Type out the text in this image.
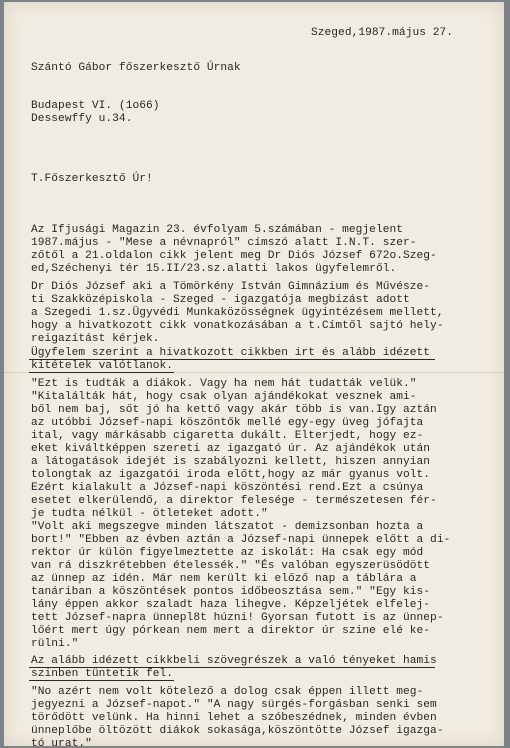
Szeged,1987.május 27.

Szántó Gábor főszerkesztő Úrnak

Budapest VI. (1o66)

Dessewffy u.34.

T.Főszerkesztő Úr!

Az Ifjusági Magazin 23. évfolyam 5.számában - megjelent

1987.május - "Mese a névnapról" címszó alatt I.N.T. szer-

zőtől a 21.oldalon cikk jelent meg Dr Diós József 672o.Szeg-

ed,Széchenyi tér 15.II/23.sz.alatti lakos ügyfelemről.

Dr Diós József aki a Tömörkény István Gimnázium és Művésze-

ti Szakközépiskola - Szeged - igazgatója megbízást adott

a Szegedi 1.sz.Ügyvédi Munkaközösségnek ügyintézésem mellett,

hogy a hivatkozott cikk vonatkozásában a t.Címtől sajtó hely-

reigazítást kérjek.

Ügyfelem szerint a hivatkozott cikkben irt és alább idézett

kitételek valótlanok.

"Ezt is tudták a diákok. Vagy ha nem hát tudatták velük."

"Kitalálták hát, hogy csak olyan ajándékokat vesznek ami-

ből nem baj, sőt jó ha kettő vagy akár több is van.Igy aztán

az utóbbi József-napi köszöntők mellé egy-egy üveg jófajta

ital, vagy márkásabb cigaretta dukált. Elterjedt, hogy ez-

eket kiváltképpen szereti az igazgató úr. Az ajándékok után

a látogatások idejét is szabályozni kellett, hiszen annyian

tolongtak az igazgatói iroda előtt,hogy az már gyanus volt.

Ezért kialakult a József-napi köszöntési rend.Ezt a csúnya

esetet elkerülendő, a direktor felesége - természetesen fér-

je tudta nélkül - ötleteket adott."

"Volt aki megszegve minden látszatot - demizsonban hozta a

bort!" "Ebben az évben aztán a József-napi ünnepek előtt a di-

rektor úr külön figyelmeztette az iskolát: Ha csak egy mód

van rá diszkrétebben ételessék." "És valóban egyszerüsödött

az ünnep az idén. Már nem került ki előző nap a táblára a

tanáriban a köszöntések pontos időbeosztása sem." "Egy kis-

lány éppen akkor szaladt haza lihegve. Képzeljétek elfelej-

tett József-napra ünnepl8t húzni! Gyorsan futott is az ünnep-

lőért mert úgy pórkean nem mert a direktor úr szine elé ke-

rülni."

Az alább idézett cikkbeli szövegrészek a való tényeket hamis

szinben tüntetik fel.

"No azért nem volt kötelező a dolog csak éppen illett meg-

jegyezni a József-napot." "A nagy sürgés-forgásban senki sem

törődött velünk. Ha hinni lehet a szóbeszédnek, minden évben

ünneplőbe öltözött diákok sokasága,köszöntötte József igazga-

tó urat."
